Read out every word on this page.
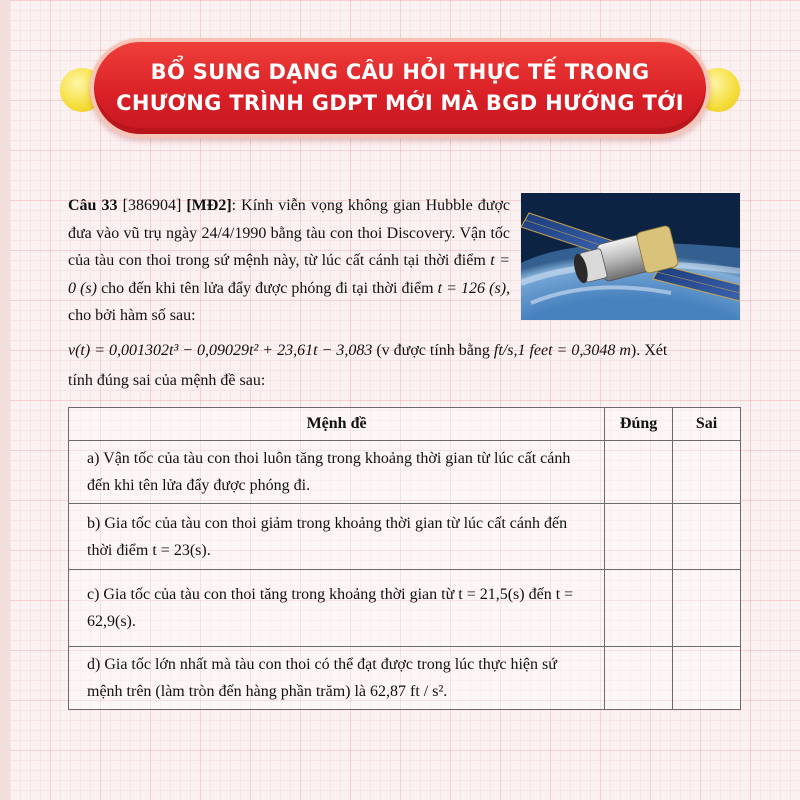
BỔ SUNG DẠNG CÂU HỎI THỰC TẾ TRONG
CHƯƠNG TRÌNH GDPT MỚI MÀ BGD HƯỚNG TỚI
Câu 33 [386904] [MĐ2]: Kính viễn vọng không gian Hubble được đưa vào vũ trụ ngày 24/4/1990 bằng tàu con thoi Discovery. Vận tốc của tàu con thoi trong sứ mệnh này, từ lúc cất cánh tại thời điểm t = 0 (s) cho đến khi tên lửa đẩy được phóng đi tại thời điểm t = 126 (s), cho bởi hàm số sau:
v(t) = 0,001302t³ − 0,09029t² + 23,61t − 3,083 (v được tính bằng ft/s,1 feet = 0,3048 m). Xét
tính đúng sai của mệnh đề sau:
Mệnh đề	Đúng	Sai
a) Vận tốc của tàu con thoi luôn tăng trong khoảng thời gian từ lúc cất cánh đến khi tên lửa đẩy được phóng đi.		
b) Gia tốc của tàu con thoi giảm trong khoảng thời gian từ lúc cất cánh đến thời điểm t = 23(s).		
c) Gia tốc của tàu con thoi tăng trong khoảng thời gian từ t = 21,5(s) đến t = 62,9(s).		
d) Gia tốc lớn nhất mà tàu con thoi có thể đạt được trong lúc thực hiện sứ mệnh trên (làm tròn đến hàng phần trăm) là 62,87 ft / s².		
